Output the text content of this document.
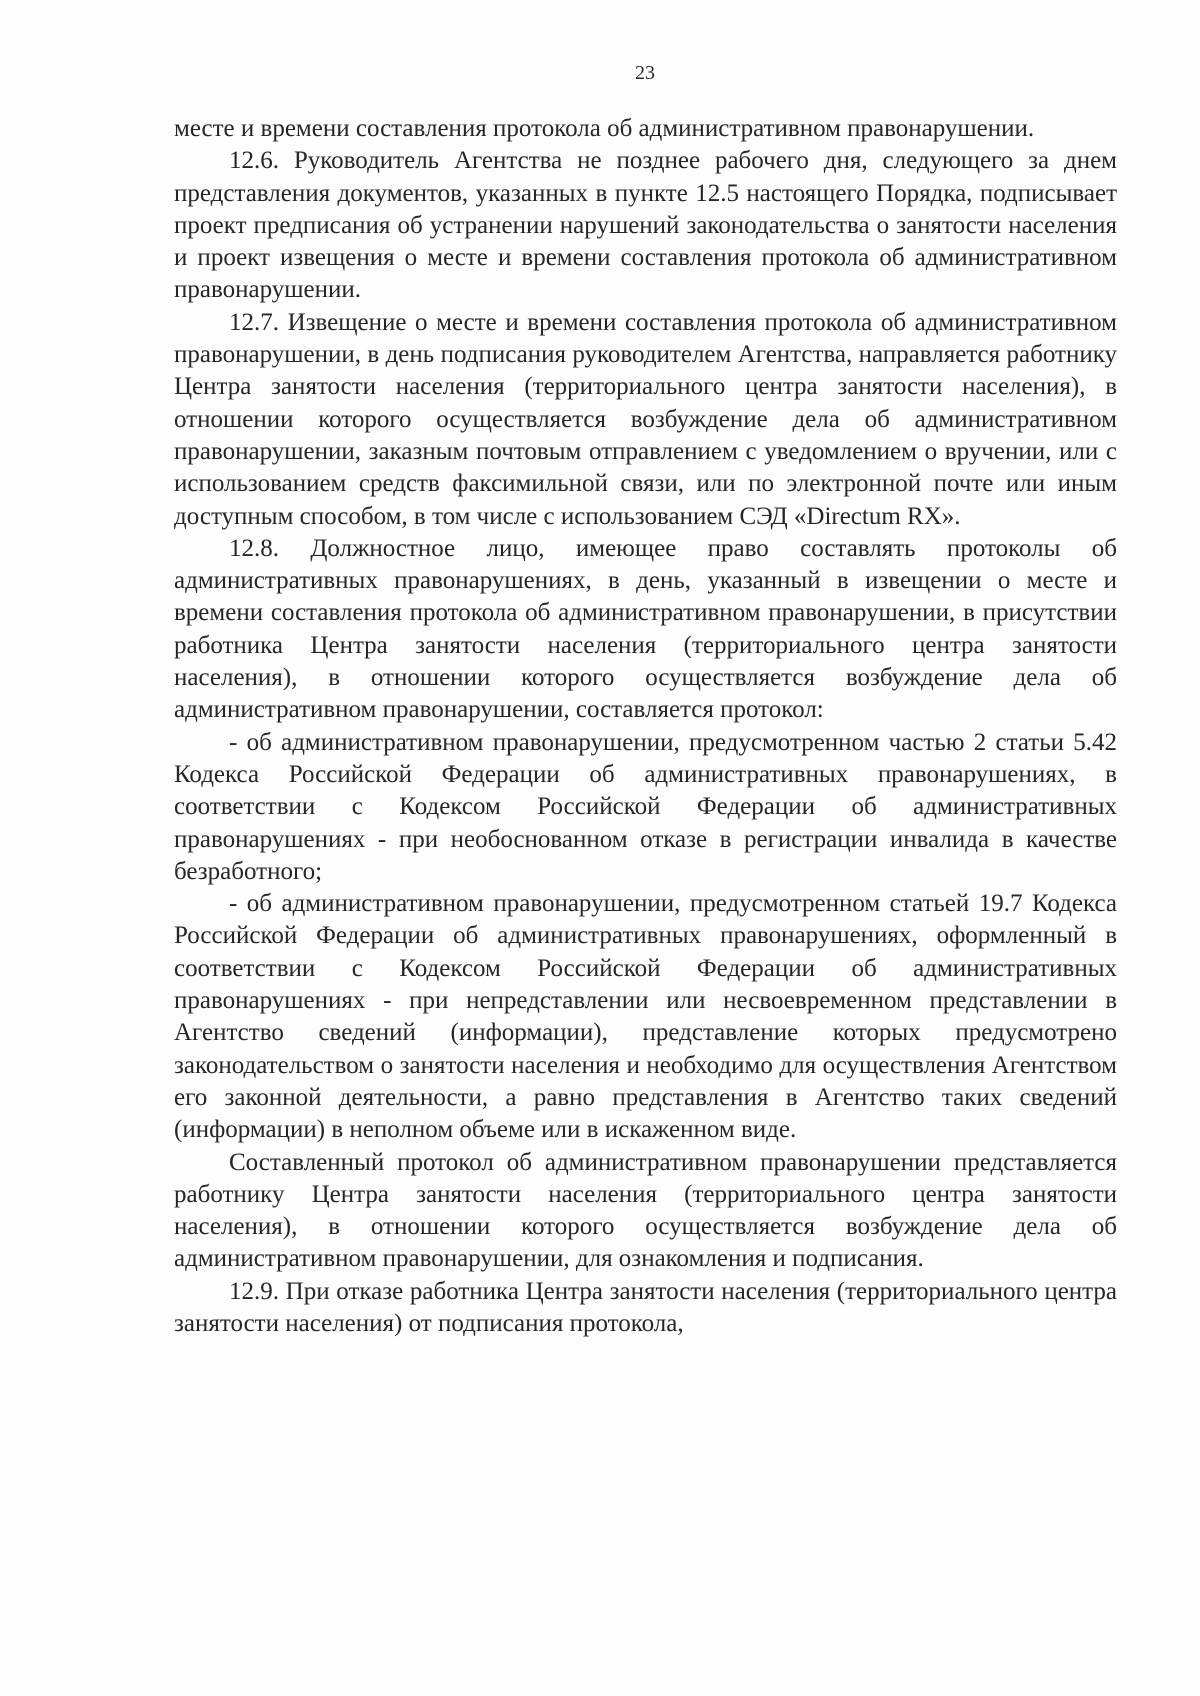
23

месте и времени составления протокола об административном правонарушении.

12.6. Руководитель Агентства не позднее рабочего дня, следующего за днем представления документов, указанных в пункте 12.5 настоящего Порядка, подписывает проект предписания об устранении нарушений законодательства о занятости населения и проект извещения о месте и времени составления протокола об административном правонарушении.

12.7. Извещение о месте и времени составления протокола об административном правонарушении, в день подписания руководителем Агентства, направляется работнику Центра занятости населения (территориального центра занятости населения), в отношении которого осуществляется возбуждение дела об административном правонарушении, заказным почтовым отправлением с уведомлением о вручении, или с использованием средств факсимильной связи, или по электронной почте или иным доступным способом, в том числе с использованием СЭД «Directum RX».

12.8. Должностное лицо, имеющее право составлять протоколы об административных правонарушениях, в день, указанный в извещении о месте и времени составления протокола об административном правонарушении, в присутствии работника Центра занятости населения (территориального центра занятости населения), в отношении которого осуществляется возбуждение дела об административном правонарушении, составляется протокол:

- об административном правонарушении, предусмотренном частью 2 статьи 5.42 Кодекса Российской Федерации об административных правонарушениях, в соответствии с Кодексом Российской Федерации об административных правонарушениях - при необоснованном отказе в регистрации инвалида в качестве безработного;

- об административном правонарушении, предусмотренном статьей 19.7 Кодекса Российской Федерации об административных правонарушениях, оформленный в соответствии с Кодексом Российской Федерации об административных правонарушениях - при непредставлении или несвоевременном представлении в Агентство сведений (информации), представление которых предусмотрено законодательством о занятости населения и необходимо для осуществления Агентством его законной деятельности, а равно представления в Агентство таких сведений (информации) в неполном объеме или в искаженном виде.

Составленный протокол об административном правонарушении представляется работнику Центра занятости населения (территориального центра занятости населения), в отношении которого осуществляется возбуждение дела об административном правонарушении, для ознакомления и подписания.

12.9. При отказе работника Центра занятости населения (территориального центра занятости населения) от подписания протокола,
